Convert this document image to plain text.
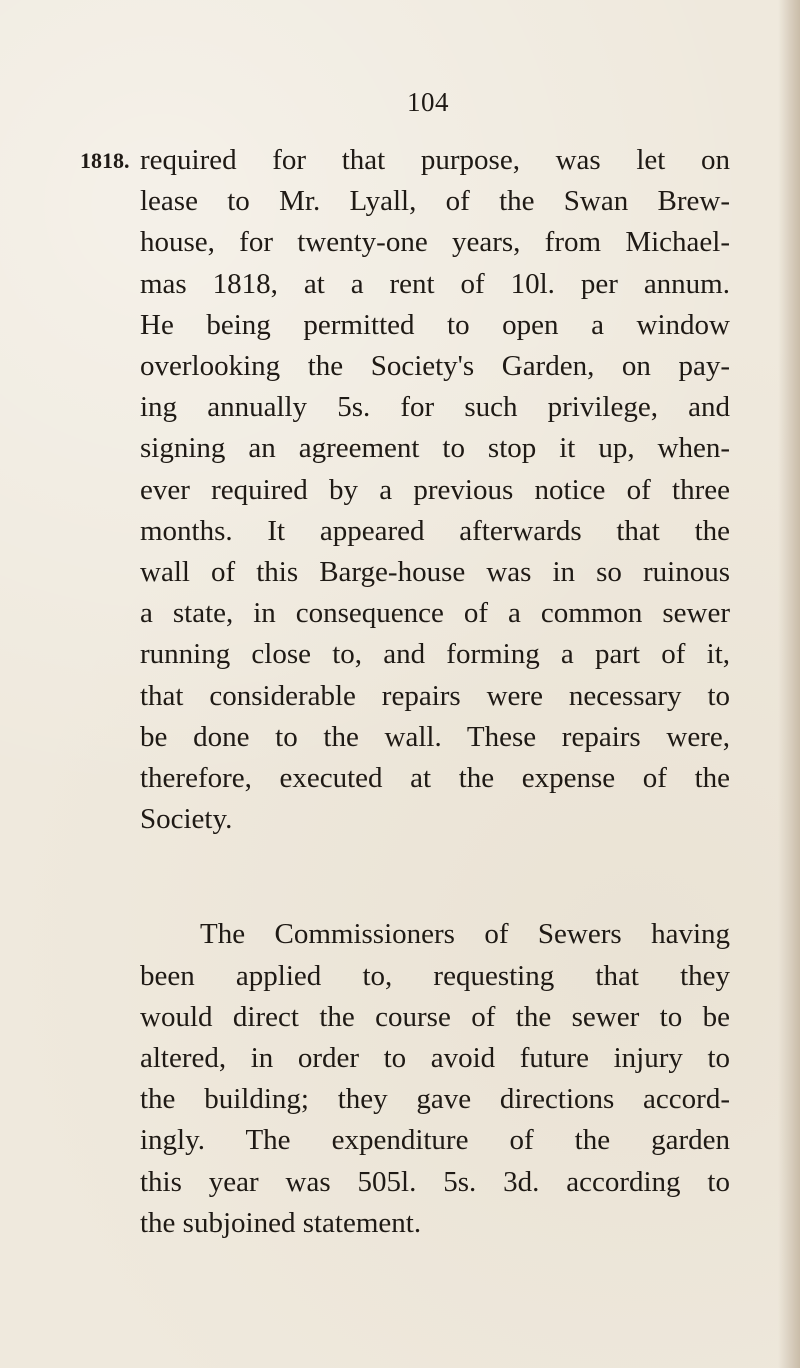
104
1818. required for that purpose, was let on
lease to Mr. Lyall, of the Swan Brew-
house, for twenty-one years, from Michael-
mas 1818, at a rent of 10l. per annum.
He being permitted to open a window
overlooking the Society's Garden, on pay-
ing annually 5s. for such privilege, and
signing an agreement to stop it up, when-
ever required by a previous notice of three
months. It appeared afterwards that the
wall of this Barge-house was in so ruinous
a state, in consequence of a common sewer
running close to, and forming a part of it,
that considerable repairs were necessary to
be done to the wall. These repairs were,
therefore, executed at the expense of the
Society.
The Commissioners of Sewers having
been applied to, requesting that they
would direct the course of the sewer to be
altered, in order to avoid future injury to
the building; they gave directions accord-
ingly. The expenditure of the garden
this year was 505l. 5s. 3d. according to
the subjoined statement.
